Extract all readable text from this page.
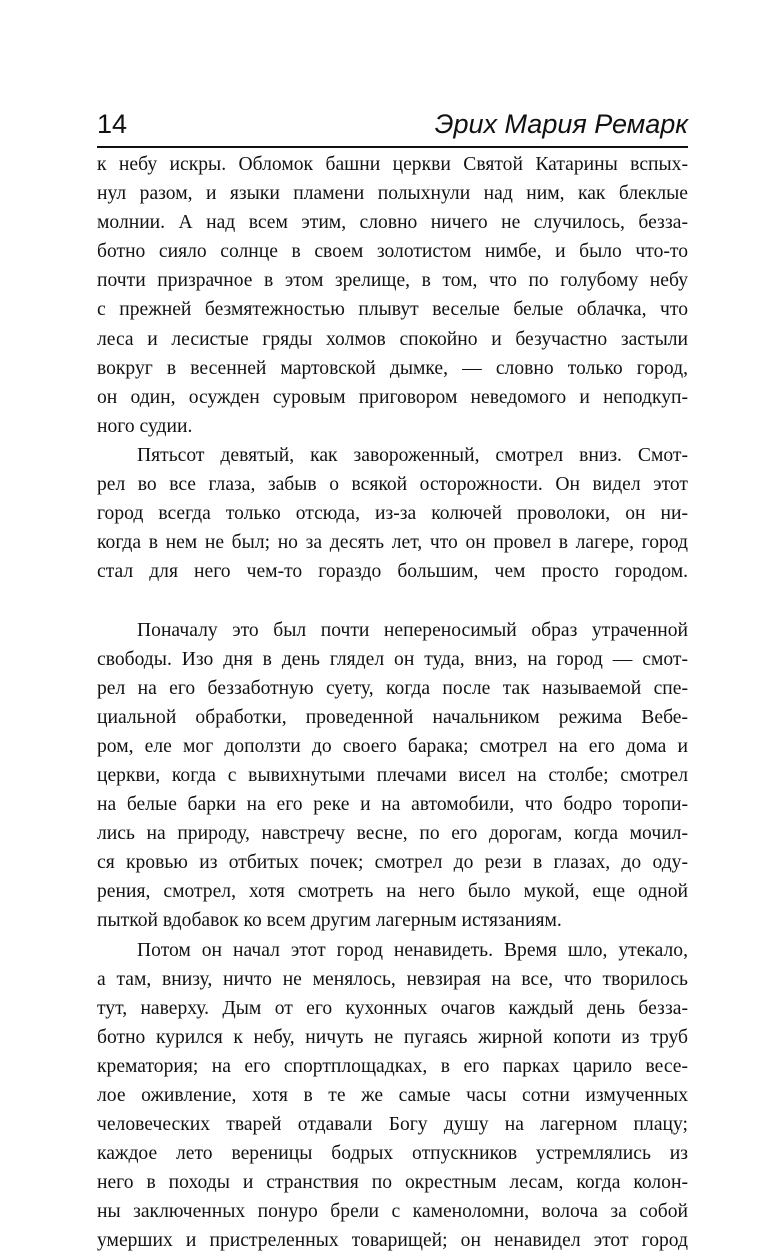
14	Эрих Мария Ремарк
к небу искры. Обломок башни церкви Святой Катарины вспых-
нул разом, и языки пламени полыхнули над ним, как блеклые
молнии. А над всем этим, словно ничего не случилось, безза-
ботно сияло солнце в своем золотистом нимбе, и было что-то
почти призрачное в этом зрелище, в том, что по голубому небу
с прежней безмятежностью плывут веселые белые облачка, что
леса и лесистые гряды холмов спокойно и безучастно застыли
вокруг в весенней мартовской дымке, — словно только город,
он один, осужден суровым приговором неведомого и неподкуп-
ного судии.
Пятьсот девятый, как завороженный, смотрел вниз. Смот-
рел во все глаза, забыв о всякой осторожности. Он видел этот
город всегда только отсюда, из-за колючей проволоки, он ни-
когда в нем не был; но за десять лет, что он провел в лагере, город
стал для него чем-то гораздо большим, чем просто городом.
Поначалу это был почти непереносимый образ утраченной
свободы. Изо дня в день глядел он туда, вниз, на город — смот-
рел на его беззаботную суету, когда после так называемой спе-
циальной обработки, проведенной начальником режима Вебе-
ром, еле мог доползти до своего барака; смотрел на его дома и
церкви, когда с вывихнутыми плечами висел на столбе; смотрел
на белые барки на его реке и на автомобили, что бодро торопи-
лись на природу, навстречу весне, по его дорогам, когда мочил-
ся кровью из отбитых почек; смотрел до рези в глазах, до оду-
рения, смотрел, хотя смотреть на него было мукой, еще одной
пыткой вдобавок ко всем другим лагерным истязаниям.
Потом он начал этот город ненавидеть. Время шло, утекало,
а там, внизу, ничто не менялось, невзирая на все, что творилось
тут, наверху. Дым от его кухонных очагов каждый день безза-
ботно курился к небу, ничуть не пугаясь жирной копоти из труб
крематория; на его спортплощадках, в его парках царило весе-
лое оживление, хотя в те же самые часы сотни измученных
человеческих тварей отдавали Богу душу на лагерном плацу;
каждое лето вереницы бодрых отпускников устремлялись из
него в походы и странствия по окрестным лесам, когда колон-
ны заключенных понуро брели с каменоломни, волоча за собой
умерших и пристреленных товарищей; он ненавидел этот город
